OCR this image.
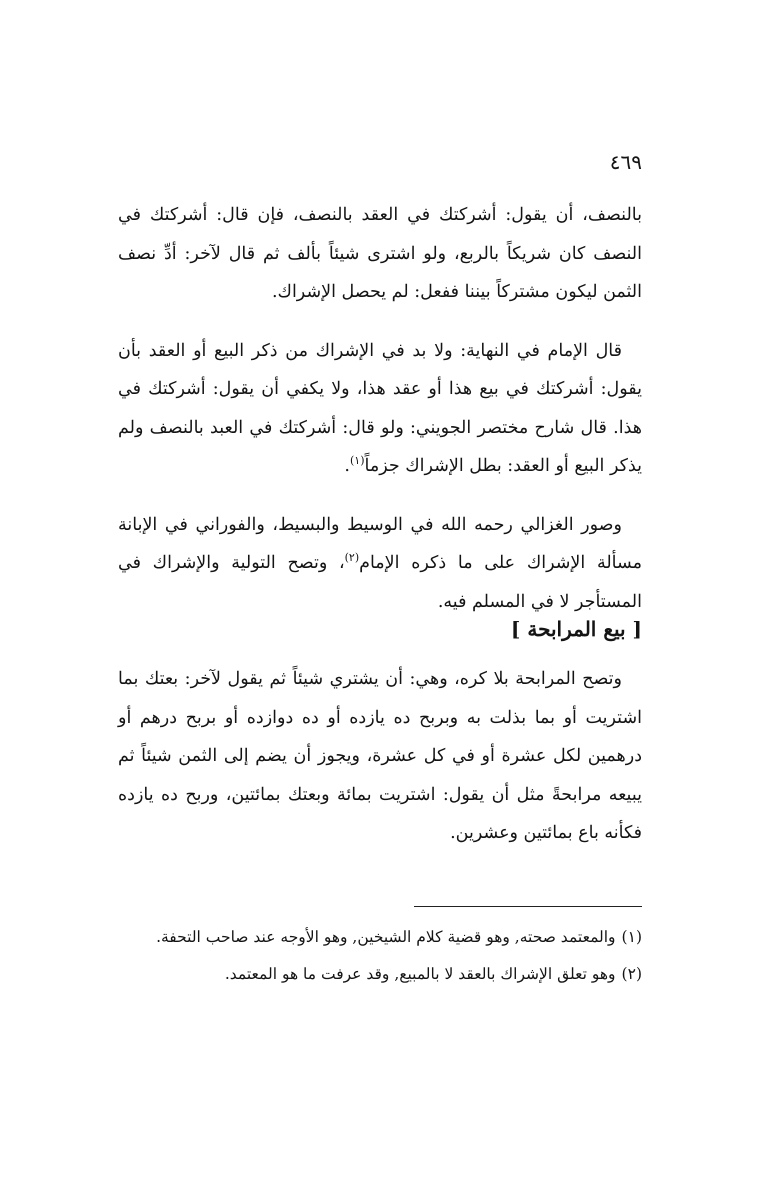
٤٦٩

بالنصف، أن يقول: أشركتك في العقد بالنصف، فإن قال: أشركتك في النصف كان شريكاً بالربع، ولو اشترى شيئاً بألف ثم قال لآخر: أدِّ نصف الثمن ليكون مشتركاً بيننا ففعل: لم يحصل الإشراك.

قال الإمام في النهاية: ولا بد في الإشراك من ذكر البيع أو العقد بأن يقول: أشركتك في بيع هذا أو عقد هذا، ولا يكفي أن يقول: أشركتك في هذا. قال شارح مختصر الجويني: ولو قال: أشركتك في العبد بالنصف ولم يذكر البيع أو العقد: بطل الإشراك جزماً$^{(١)}$.

وصور الغزالي رحمه الله في الوسيط والبسيط، والفوراني في الإبانة مسألة الإشراك على ما ذكره الإمام$^{(٢)}$، وتصح التولية والإشراك في المستأجر لا في المسلم فيه.

[ بيع المرابحة ]

وتصح المرابحة بلا كره، وهي: أن يشتري شيئاً ثم يقول لآخر: بعتك بما اشتريت أو بما بذلت به وبربح ده يازده أو ده دوازده أو بربح درهم أو درهمين لكل عشرة أو في كل عشرة، ويجوز أن يضم إلى الثمن شيئاً ثم يبيعه مرابحةً مثل أن يقول: اشتريت بمائة وبعتك بمائتين، وربح ده يازده فكأنه باع بمائتين وعشرين.

(١)والمعتمد صحته, وهو قضية كلام الشيخين, وهو الأوجه عند صاحب التحفة.
(٢)وهو تعلق الإشراك بالعقد لا بالمبيع, وقد عرفت ما هو المعتمد.
